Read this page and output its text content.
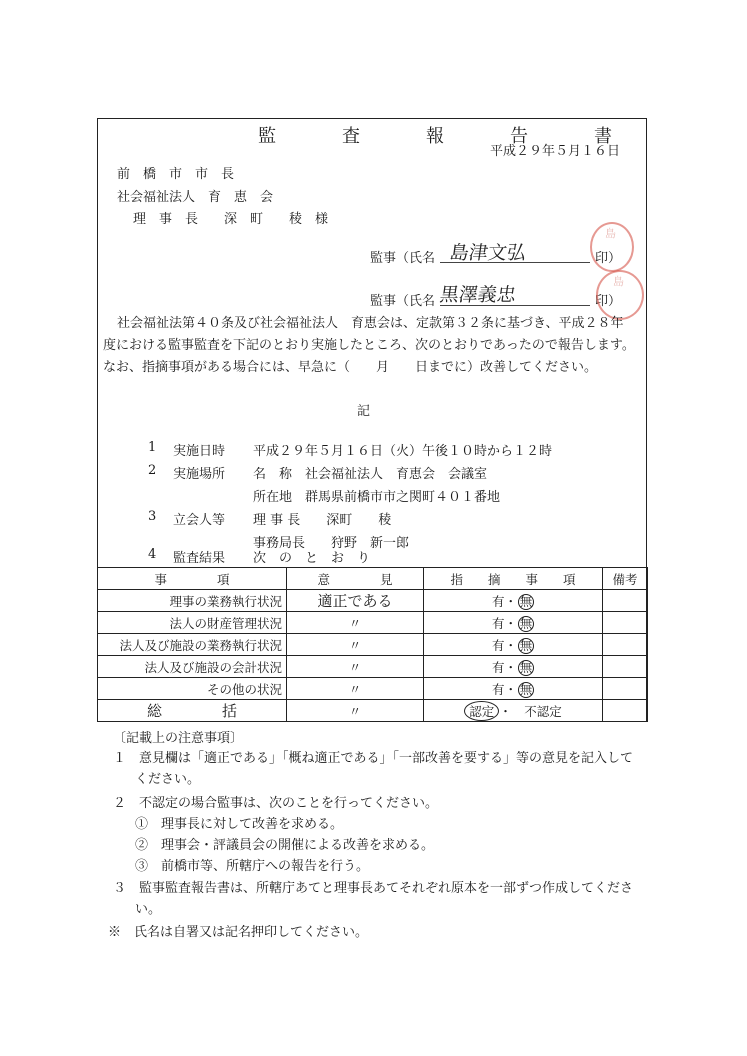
監　査　報　告　書
平成２９年５月１６日
前　橋　市　市　長
社会福祉法人　育　恵　会
理　事　長　　深　町　　稜　様
監事（氏名 島津文弘	印）
監事（氏名 黒澤義忠	印）
島
島
社会福祉法第４０条及び社会福祉法人　育恵会は、定款第３２条に基づき、平成２８年
度における監事監査を下記のとおり実施したところ、次のとおりであったので報告します。
なお、指摘事項がある場合には、早急に（　　月　　日までに）改善してください。
記
1 実施日時 平成２９年５月１６日（火）午後１０時から１２時
2 実施場所 名　称　社会福祉法人　育恵会　会議室
所在地　群馬県前橋市市之関町４０１番地
3 立会人等 理 事 長　　深町　　稜
事務局長　　狩野　新一郎
4 監査結果 次　の　と　お　り
事　　　　項	意　　　　見	指　　摘　　事　　項	備考
理事の業務執行状況	適正である	有・ 無	
法人の財産管理状況	〃	有・ 無	
法人及び施設の業務執行状況	〃	有・ 無	
法人及び施設の会計状況	〃	有・ 無	
その他の状況	〃	有・ 無	
総　　　　括	〃	認定 ・　不認定	
〔記載上の注意事項〕
１　意見欄は「適正である」「概ね適正である」「一部改善を要する」等の意見を記入して
ください。
２　不認定の場合監事は、次のことを行ってください。
①　理事長に対して改善を求める。
②　理事会・評議員会の開催による改善を求める。
③　前橋市等、所轄庁への報告を行う。
３　監事監査報告書は、所轄庁あてと理事長あてそれぞれ原本を一部ずつ作成してくださ
い。
※　氏名は自署又は記名押印してください。
